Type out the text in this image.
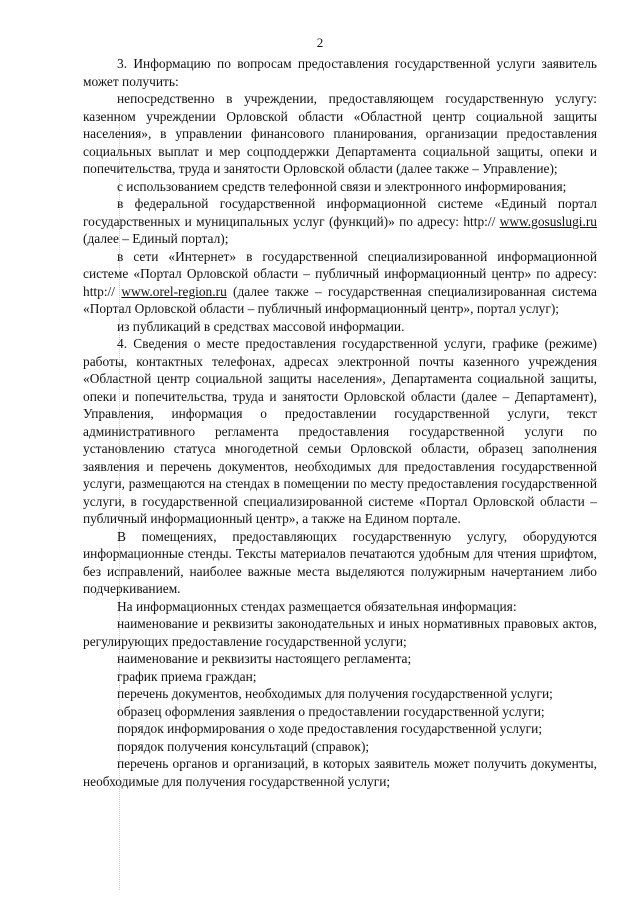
2

3. Информацию по вопросам предоставления государственной услуги заявитель может получить:

непосредственно в учреждении, предоставляющем государственную услугу: казенном учреждении Орловской области «Областной центр социальной защиты населения», в управлении финансового планирования, организации предоставления социальных выплат и мер соцподдержки Департамента социальной защиты, опеки и попечительства, труда и занятости Орловской области (далее также – Управление);

с использованием средств телефонной связи и электронного информирования;

в федеральной государственной информационной системе «Единый портал государственных и муниципальных услуг (функций)» по адресу: http:// www.gosuslugi.ru (далее – Единый портал);

в сети «Интернет» в государственной специализированной информационной системе «Портал Орловской области – публичный информационный центр» по адресу: http:// www.orel-region.ru (далее также – государственная специализированная система «Портал Орловской области – публичный информационный центр», портал услуг);

из публикаций в средствах массовой информации.

4. Сведения о месте предоставления государственной услуги, графике (режиме) работы, контактных телефонах, адресах электронной почты казенного учреждения «Областной центр социальной защиты населения», Департамента социальной защиты, опеки и попечительства, труда и занятости Орловской области (далее – Департамент), Управления, информация о предоставлении государственной услуги, текст административного регламента предоставления государственной услуги по установлению статуса многодетной семьи Орловской области, образец заполнения заявления и перечень документов, необходимых для предоставления государственной услуги, размещаются на стендах в помещении по месту предоставления государственной услуги, в государственной специализированной системе «Портал Орловской области – публичный информационный центр», а также на Едином портале.

В помещениях, предоставляющих государственную услугу, оборудуются информационные стенды. Тексты материалов печатаются удобным для чтения шрифтом, без исправлений, наиболее важные места выделяются полужирным начертанием либо подчеркиванием.

На информационных стендах размещается обязательная информация:

наименование и реквизиты законодательных и иных нормативных правовых актов, регулирующих предоставление государственной услуги;

наименование и реквизиты настоящего регламента;

график приема граждан;

перечень документов, необходимых для получения государственной услуги;

образец оформления заявления о предоставлении государственной услуги;

порядок информирования о ходе предоставления государственной услуги;

порядок получения консультаций (справок);

перечень органов и организаций, в которых заявитель может получить документы, необходимые для получения государственной услуги;
